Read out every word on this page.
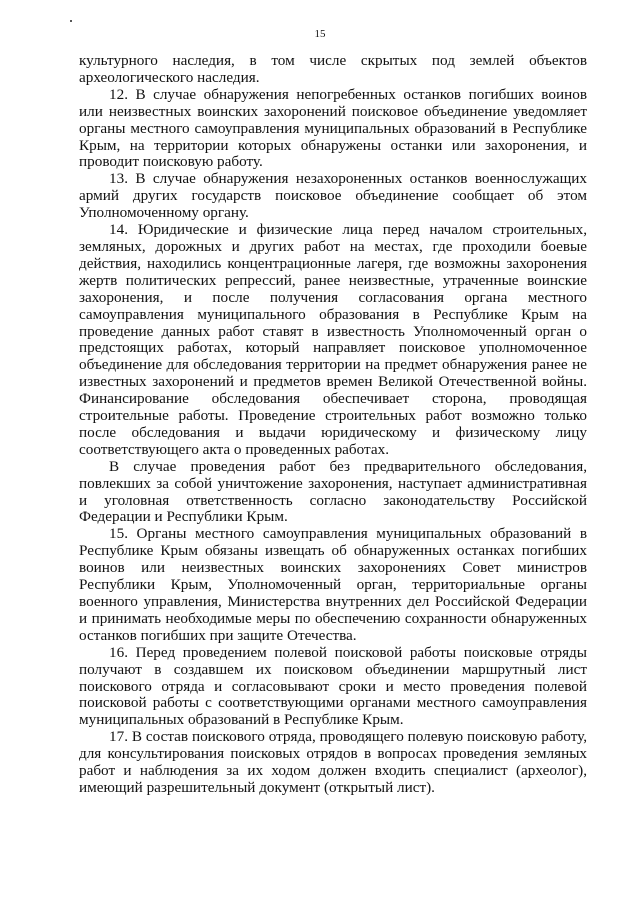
15

культурного наследия, в том числе скрытых под землей объектов археологического наследия.

12. В случае обнаружения непогребенных останков погибших воинов или неизвестных воинских захоронений поисковое объединение уведомляет органы местного самоуправления муниципальных образований в Республике Крым, на территории которых обнаружены останки или захоронения, и проводит поисковую работу.

13. В случае обнаружения незахороненных останков военнослужащих армий других государств поисковое объединение сообщает об этом Уполномоченному органу.

14. Юридические и физические лица перед началом строительных, земляных, дорожных и других работ на местах, где проходили боевые действия, находились концентрационные лагеря, где возможны захоронения жертв политических репрессий, ранее неизвестные, утраченные воинские захоронения, и после получения согласования органа местного самоуправления муниципального образования в Республике Крым на проведение данных работ ставят в известность Уполномоченный орган о предстоящих работах, который направляет поисковое уполномоченное объединение для обследования территории на предмет обнаружения ранее не известных захоронений и предметов времен Великой Отечественной войны. Финансирование обследования обеспечивает сторона, проводящая строительные работы. Проведение строительных работ возможно только после обследования и выдачи юридическому и физическому лицу соответствующего акта о проведенных работах.

В случае проведения работ без предварительного обследования, повлекших за собой уничтожение захоронения, наступает административная и уголовная ответственность согласно законодательству Российской Федерации и Республики Крым.

15. Органы местного самоуправления муниципальных образований в Республике Крым обязаны извещать об обнаруженных останках погибших воинов или неизвестных воинских захоронениях Совет министров Республики Крым, Уполномоченный орган, территориальные органы военного управления, Министерства внутренних дел Российской Федерации и принимать необходимые меры по обеспечению сохранности обнаруженных останков погибших при защите Отечества.

16. Перед проведением полевой поисковой работы поисковые отряды получают в создавшем их поисковом объединении маршрутный лист поискового отряда и согласовывают сроки и место проведения полевой поисковой работы с соответствующими органами местного самоуправления муниципальных образований в Республике Крым.

17. В состав поискового отряда, проводящего полевую поисковую работу, для консультирования поисковых отрядов в вопросах проведения земляных работ и наблюдения за их ходом должен входить специалист (археолог), имеющий разрешительный документ (открытый лист).
